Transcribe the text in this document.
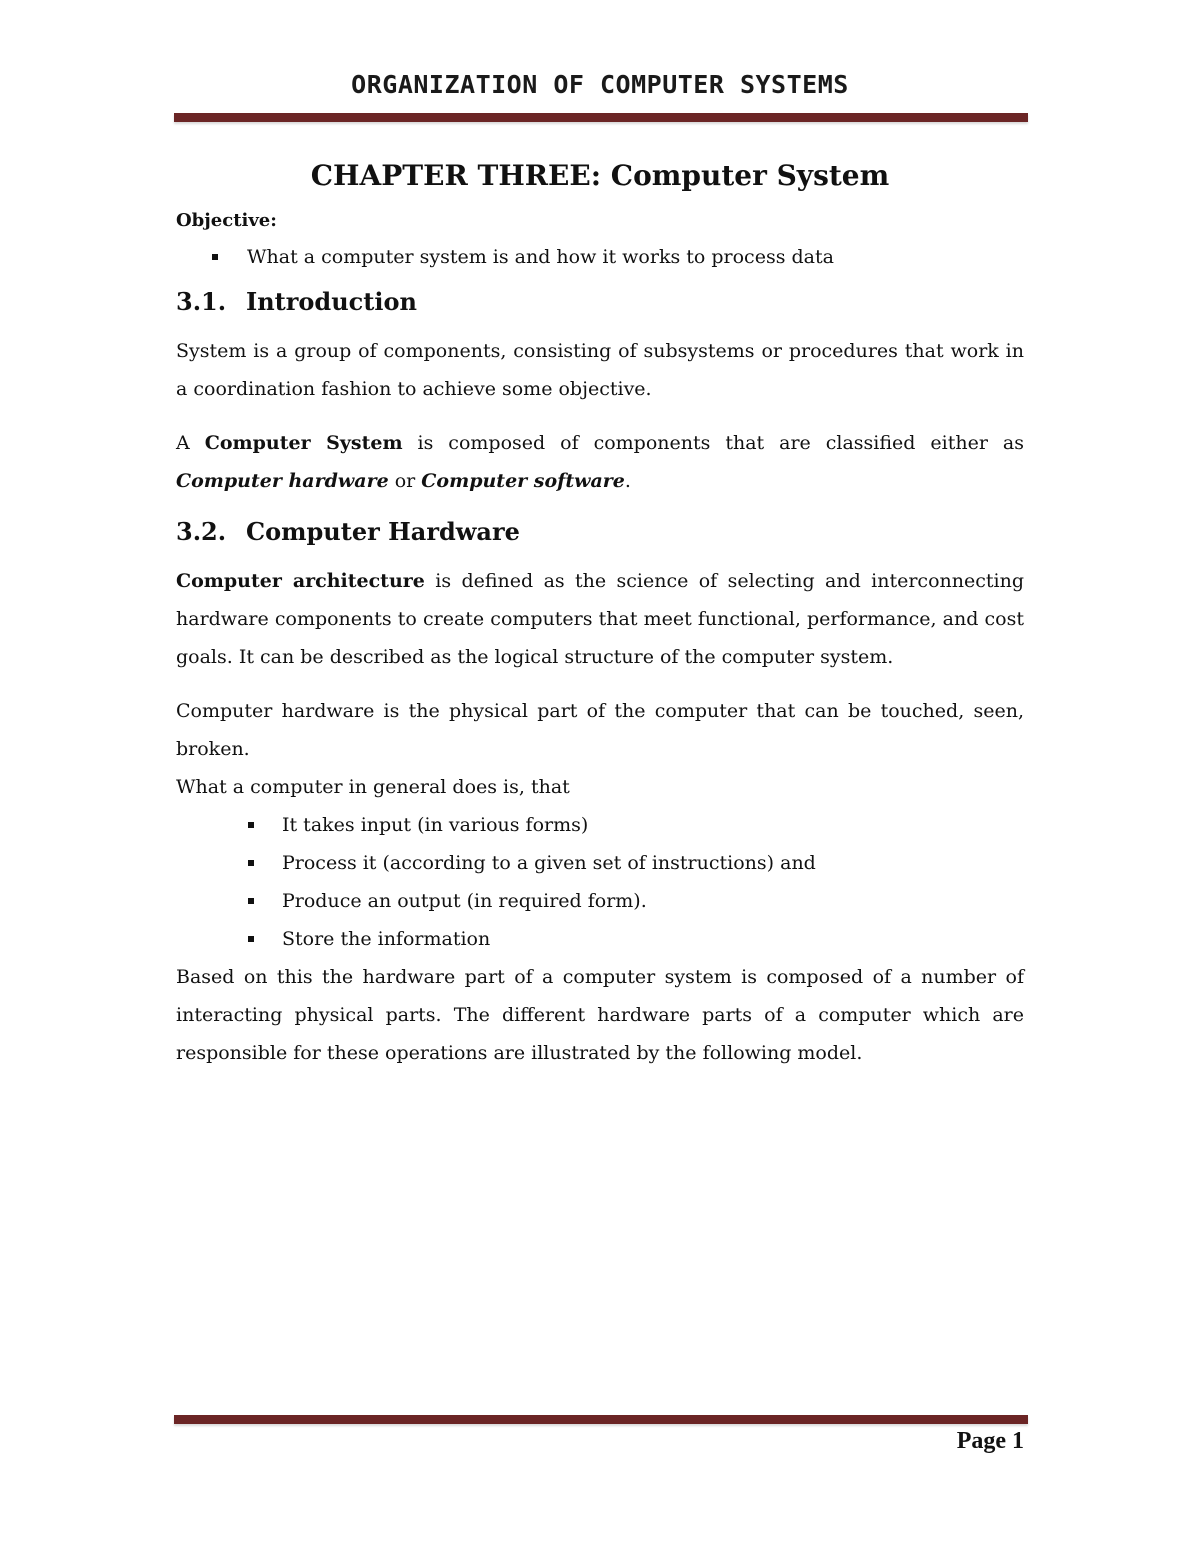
ORGANIZATION OF COMPUTER SYSTEMS
CHAPTER THREE: Computer System
Objective:
What a computer system is and how it works to process data
3.1. Introduction

System is a group of components, consisting of subsystems or procedures that work in a coordination fashion to achieve some objective.

A Computer System is composed of components that are classified either as Computer hardware or Computer software.

3.2. Computer Hardware

Computer architecture is defined as the science of selecting and interconnecting hardware components to create computers that meet functional, performance, and cost goals. It can be described as the logical structure of the computer system.

Computer hardware is the physical part of the computer that can be touched, seen, broken.

What a computer in general does is, that

It takes input (in various forms)
Process it (according to a given set of instructions) and
Produce an output (in required form).
Store the information

Based on this the hardware part of a computer system is composed of a number of interacting physical parts. The different hardware parts of a computer which are responsible for these operations are illustrated by the following model.

Page 1
